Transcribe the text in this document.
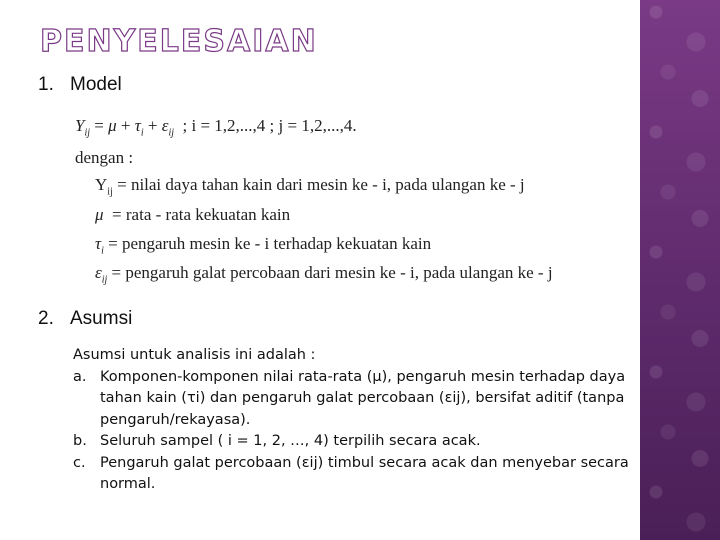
PENYELESAIAN

1. Model

$Y_{ij} = \mu + \tau_i + \varepsilon_{ij}$ ; i = 1,2,...,4 ; j = 1,2,...,4.
dengan :
$Y_{ij}$ = nilai daya tahan kain dari mesin ke - i, pada ulangan ke - j
μ  = rata - rata kekuatan kain
$\tau_i$ = pengaruh mesin ke - i terhadap kekuatan kain
$\varepsilon_{ij}$ = pengaruh galat percobaan dari mesin ke - i, pada ulangan ke - j

2. Asumsi

Asumsi untuk analisis ini adalah :
a. Komponen-komponen nilai rata-rata (μ), pengaruh mesin terhadap daya tahan kain (τi) dan pengaruh galat percobaan (εij), bersifat aditif (tanpa pengaruh/rekayasa).
b. Seluruh sampel ( i = 1, 2, …, 4) terpilih secara acak.
c. Pengaruh galat percobaan (εij) timbul secara acak dan menyebar secara normal.
